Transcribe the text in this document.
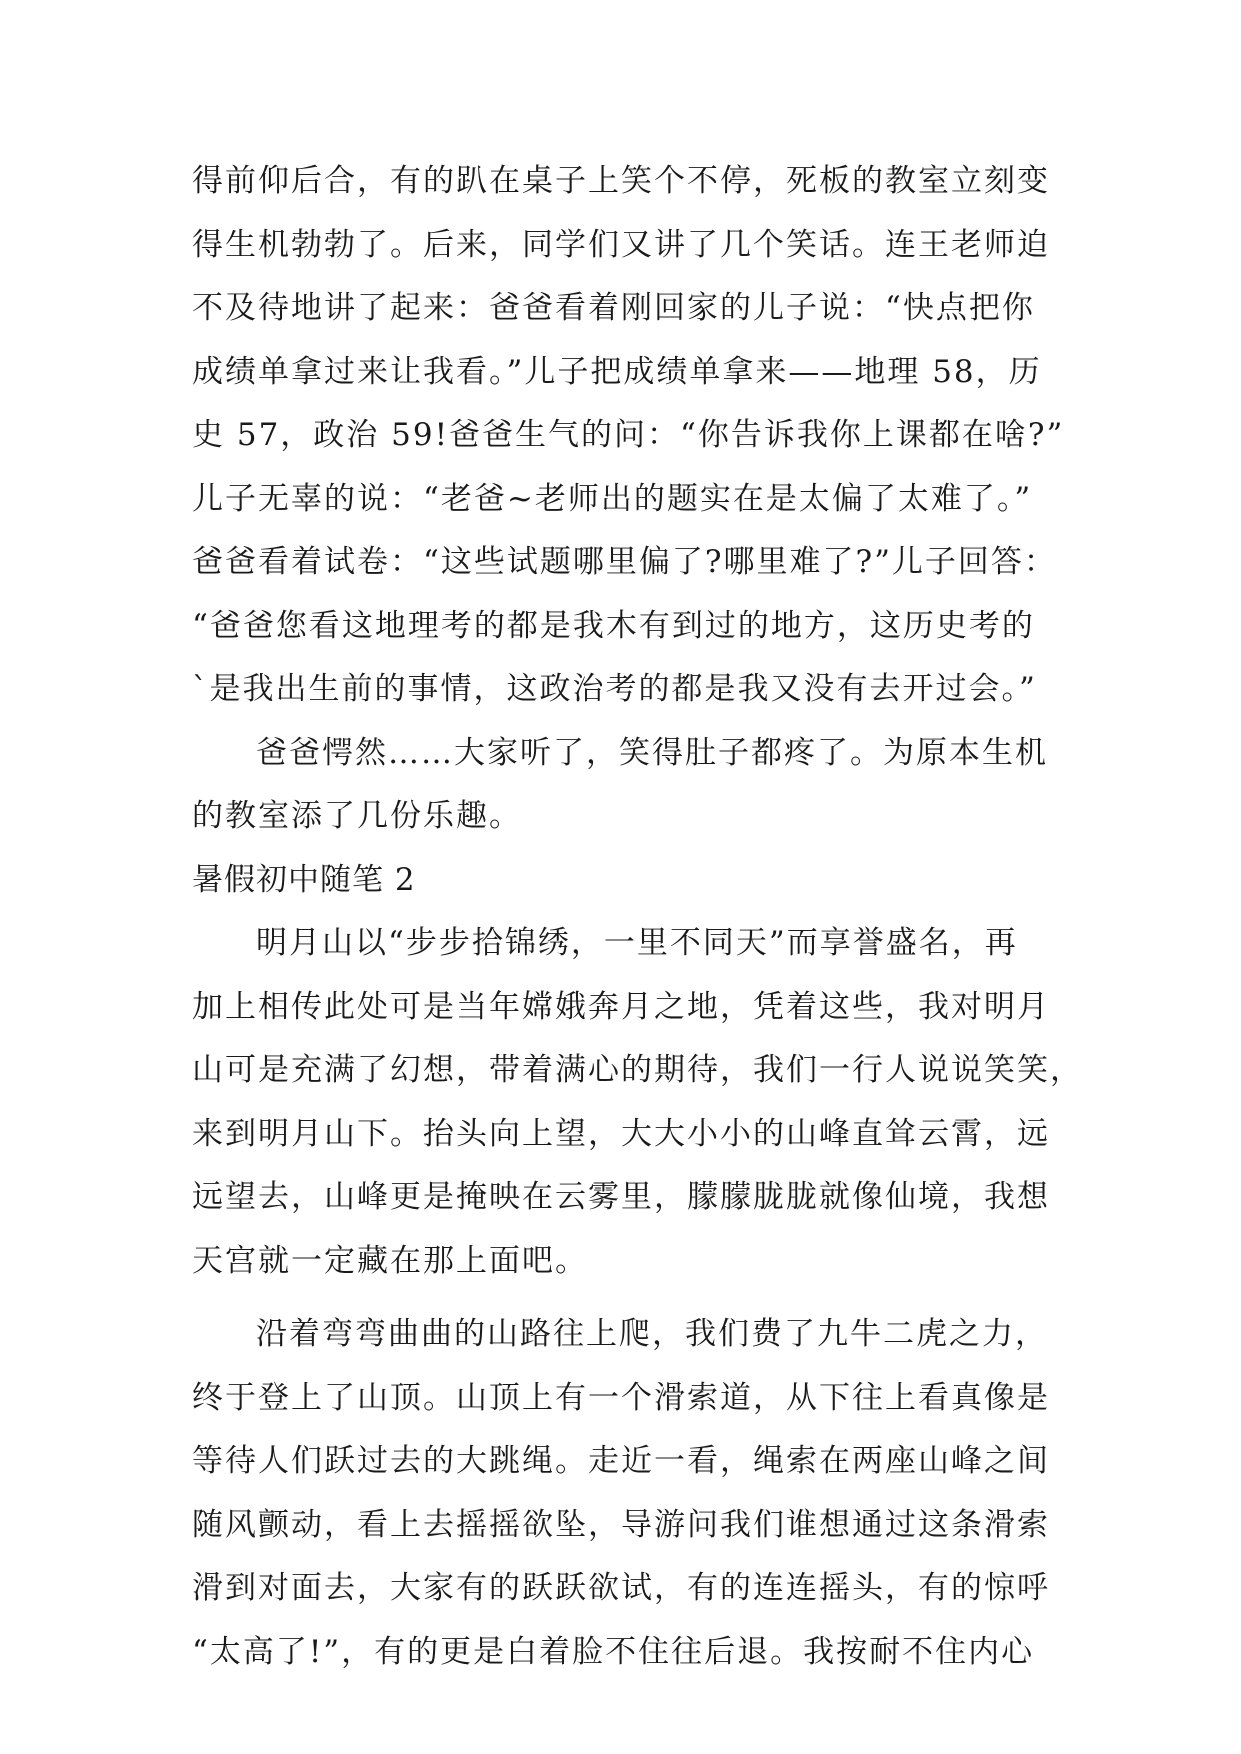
得前仰后合，有的趴在桌子上笑个不停，死板的教室立刻变
得生机勃勃了。后来，同学们又讲了几个笑话。连王老师迫
不及待地讲了起来：爸爸看着刚回家的儿子说：“快点把你
成绩单拿过来让我看。”儿子把成绩单拿来——地理 58，历
史 57，政治 59!爸爸生气的问：“你告诉我你上课都在啥?”
儿子无辜的说：“老爸~老师出的题实在是太偏了太难了。”
爸爸看着试卷：“这些试题哪里偏了?哪里难了?”儿子回答：
“爸爸您看这地理考的都是我木有到过的地方，这历史考的
`是我出生前的事情，这政治考的都是我又没有去开过会。”
爸爸愕然……大家听了，笑得肚子都疼了。为原本生机
的教室添了几份乐趣。
暑假初中随笔 2
明月山以“步步拾锦绣，一里不同天”而享誉盛名，再
加上相传此处可是当年嫦娥奔月之地，凭着这些，我对明月
山可是充满了幻想，带着满心的期待，我们一行人说说笑笑，
来到明月山下。抬头向上望，大大小小的山峰直耸云霄，远
远望去，山峰更是掩映在云雾里，朦朦胧胧就像仙境，我想
天宫就一定藏在那上面吧。
沿着弯弯曲曲的山路往上爬，我们费了九牛二虎之力，
终于登上了山顶。山顶上有一个滑索道，从下往上看真像是
等待人们跃过去的大跳绳。走近一看，绳索在两座山峰之间
随风颤动，看上去摇摇欲坠，导游问我们谁想通过这条滑索
滑到对面去，大家有的跃跃欲试，有的连连摇头，有的惊呼
“太高了!”，有的更是白着脸不住往后退。我按耐不住内心
